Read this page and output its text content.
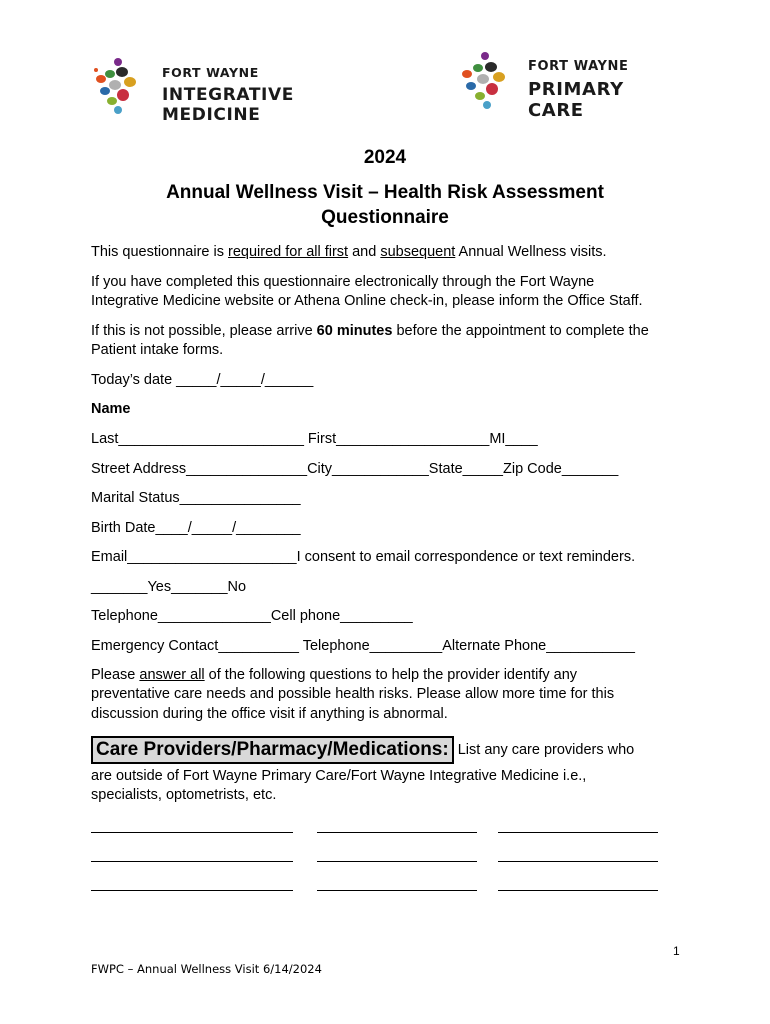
FORT WAYNE
INTEGRATIVE MEDICINE
FORT WAYNE
PRIMARY CARE
2024
Annual Wellness Visit – Health Risk Assessment
Questionnaire
This questionnaire is required for all first and subsequent Annual Wellness visits.
If you have completed this questionnaire electronically through the Fort Wayne
Integrative Medicine website or Athena Online check-in, please inform the Office Staff.
If this is not possible, please arrive 60 minutes before the appointment to complete the
Patient intake forms.
Today’s date _____/_____/______
Name
Last_______________________ First___________________MI____
Street Address_______________City____________State_____Zip Code_______
Marital Status_______________
Birth Date____/_____/________
Email_____________________I consent to email correspondence or text reminders.
_______Yes_______No
Telephone______________Cell phone_________
Emergency Contact__________ Telephone_________Alternate Phone___________
Please answer all of the following questions to help the provider identify any
preventative care needs and possible health risks. Please allow more time for this
discussion during the office visit if anything is abnormal.
Care Providers/Pharmacy/Medications: List any care providers who
are outside of Fort Wayne Primary Care/Fort Wayne Integrative Medicine i.e.,
specialists, optometrists, etc.
1
FWPC – Annual Wellness Visit 6/14/2024
